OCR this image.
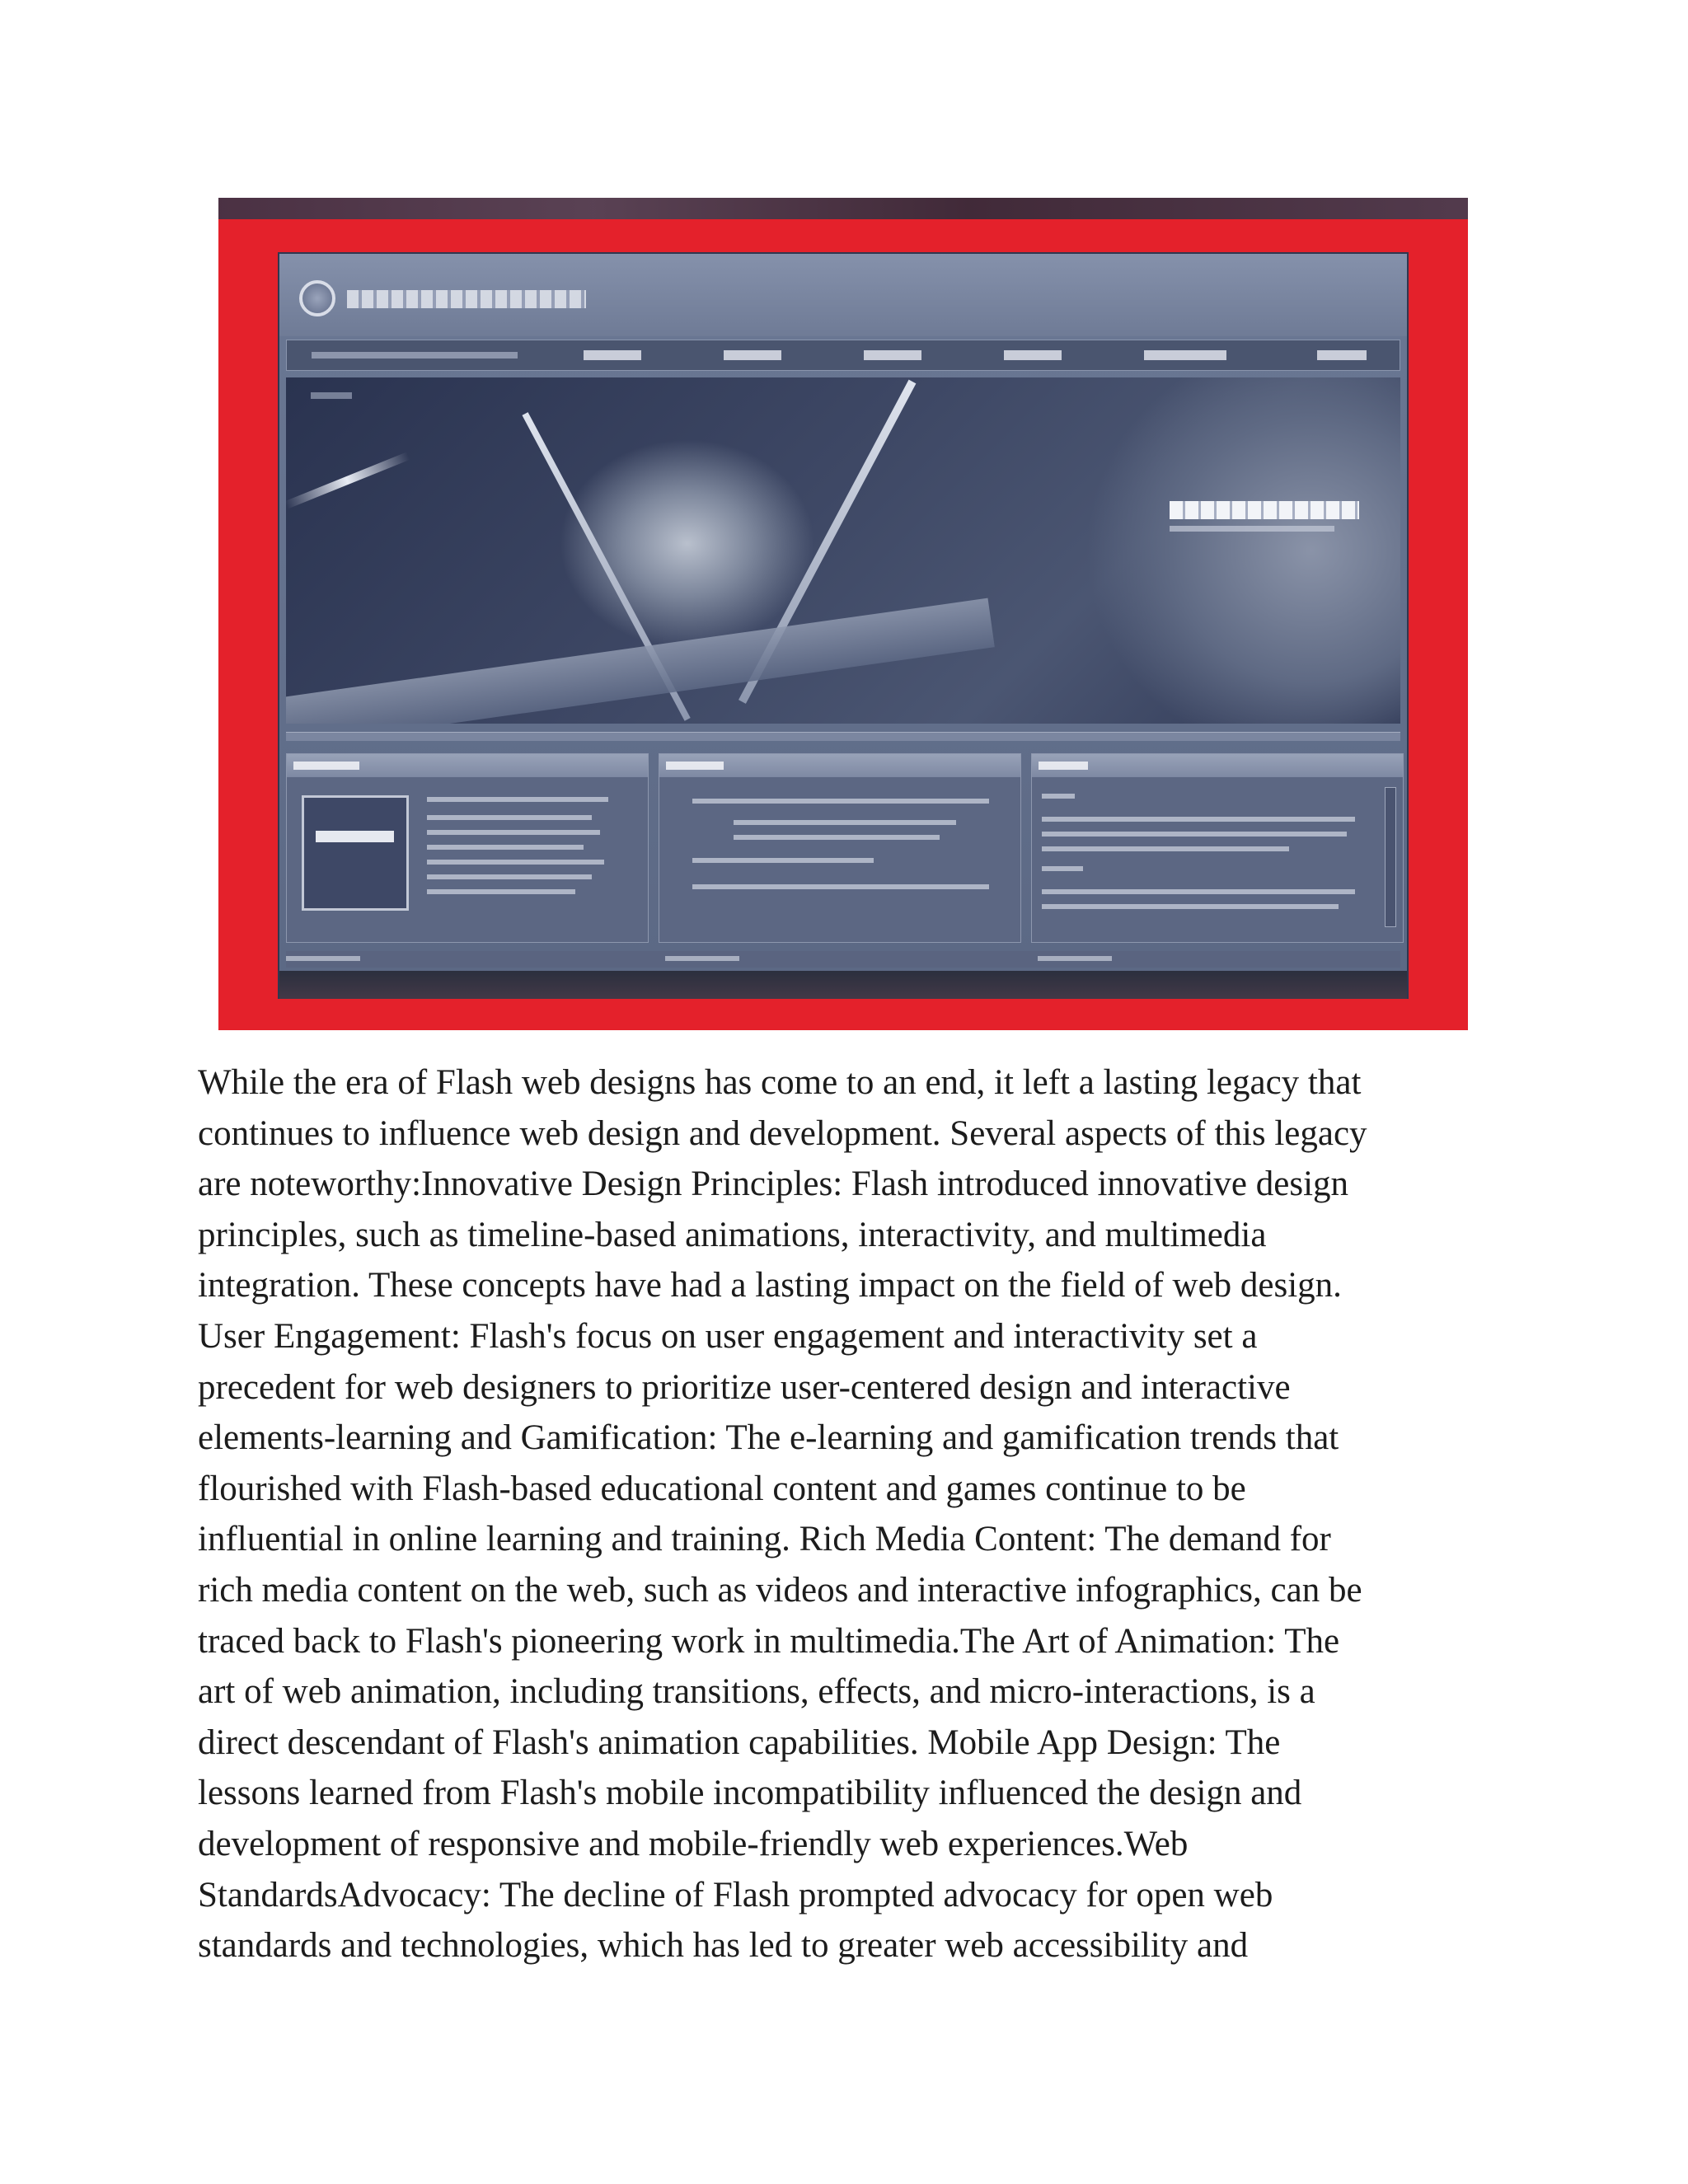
While the era of Flash web designs has come to an end, it left a lasting legacy that
continues to influence web design and development. Several aspects of this legacy
are noteworthy:Innovative Design Principles: Flash introduced innovative design
principles, such as timeline-based animations, interactivity, and multimedia
integration. These concepts have had a lasting impact on the field of web design.
User Engagement: Flash's focus on user engagement and interactivity set a
precedent for web designers to prioritize user-centered design and interactive
elements-learning and Gamification: The e-learning and gamification trends that
flourished with Flash-based educational content and games continue to be
influential in online learning and training. Rich Media Content: The demand for
rich media content on the web, such as videos and interactive infographics, can be
traced back to Flash's pioneering work in multimedia.The Art of Animation: The
art of web animation, including transitions, effects, and micro-interactions, is a
direct descendant of Flash's animation capabilities. Mobile App Design: The
lessons learned from Flash's mobile incompatibility influenced the design and
development of responsive and mobile-friendly web experiences.Web
StandardsAdvocacy: The decline of Flash prompted advocacy for open web
standards and technologies, which has led to greater web accessibility and
